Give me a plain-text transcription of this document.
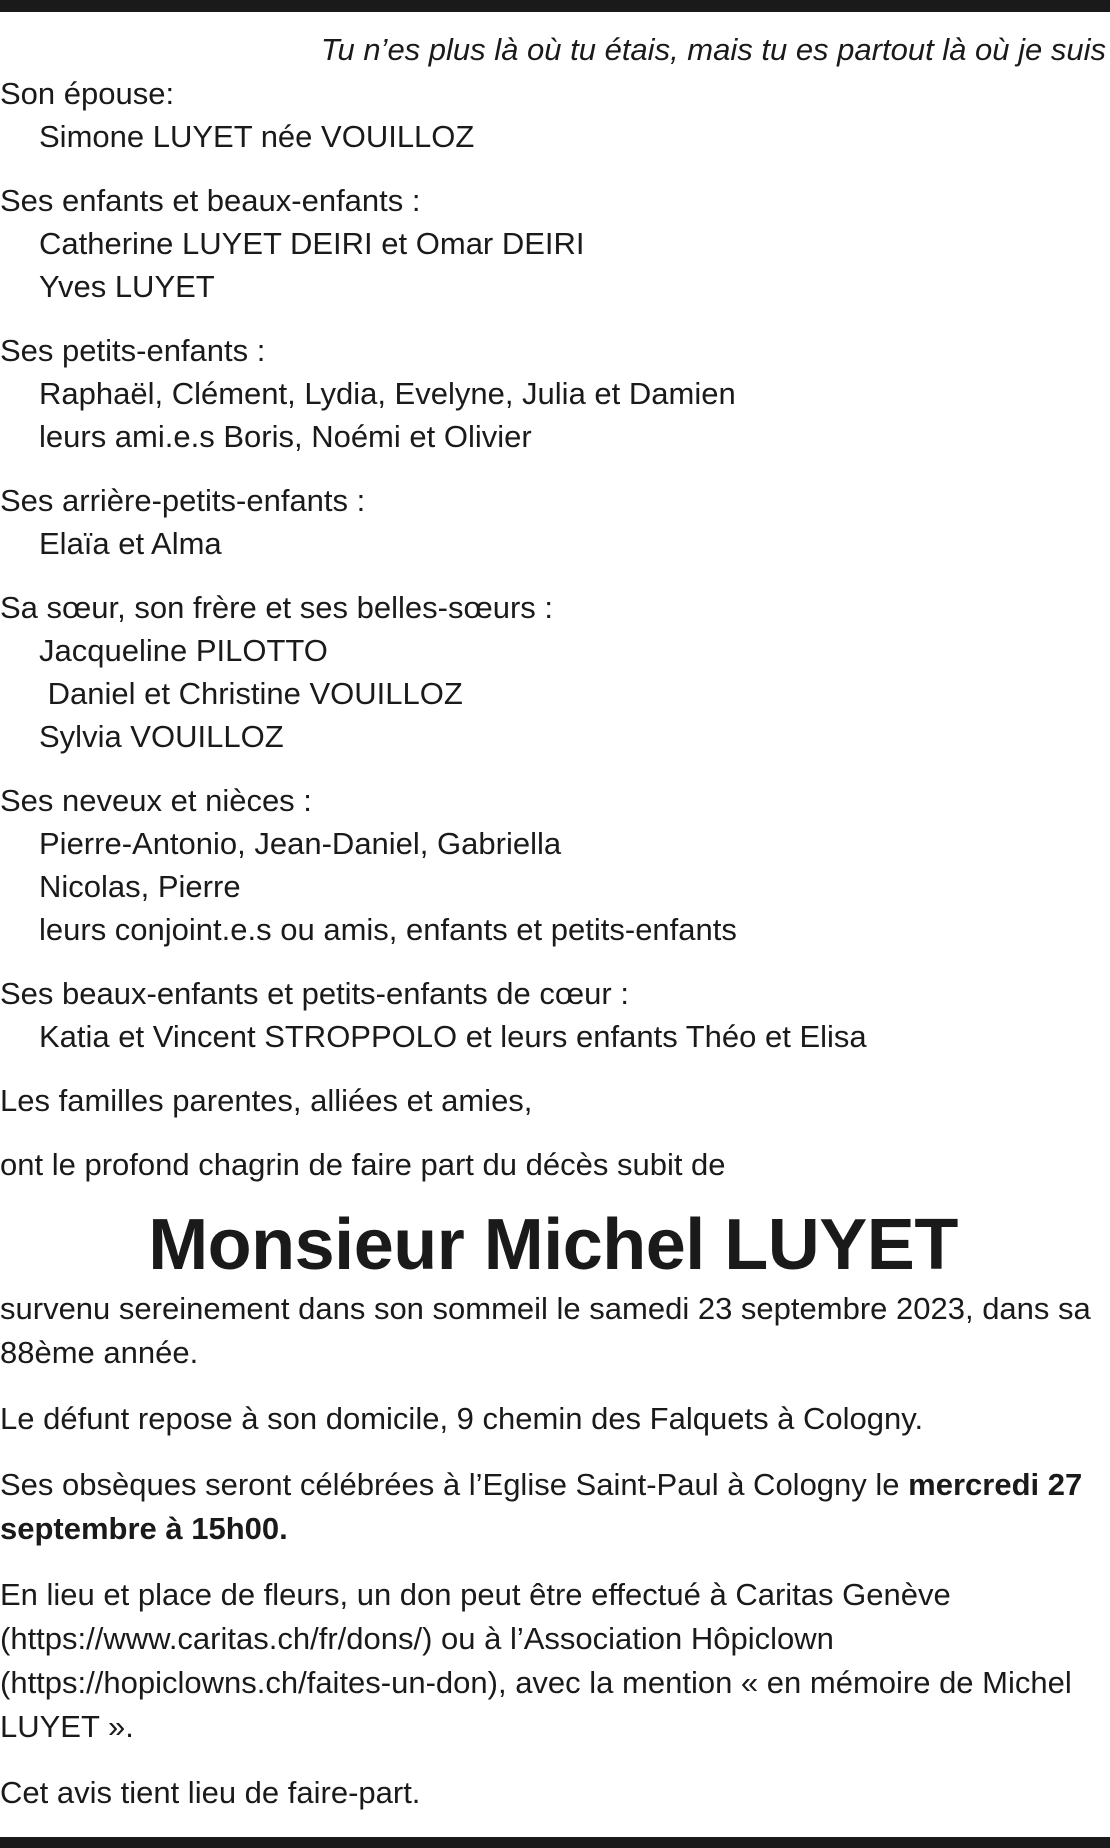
Tu n’es plus là où tu étais, mais tu es partout là où je suis

Son épouse:

Simone LUYET née VOUILLOZ

Ses enfants et beaux-enfants :

Catherine LUYET DEIRI et Omar DEIRI

Yves LUYET

Ses petits-enfants :

Raphaël, Clément, Lydia, Evelyne, Julia et Damien

leurs ami.e.s Boris, Noémi et Olivier

Ses arrière-petits-enfants :

Elaïa et Alma

Sa sœur, son frère et ses belles-sœurs :

Jacqueline PILOTTO

Daniel et Christine VOUILLOZ

Sylvia VOUILLOZ

Ses neveux et nièces :

Pierre-Antonio, Jean-Daniel, Gabriella

Nicolas, Pierre

leurs conjoint.e.s ou amis, enfants et petits-enfants

Ses beaux-enfants et petits-enfants de cœur :

Katia et Vincent STROPPOLO et leurs enfants Théo et Elisa

Les familles parentes, alliées et amies,

ont le profond chagrin de faire part du décès subit de

Monsieur Michel LUYET

survenu sereinement dans son sommeil le samedi 23 septembre 2023, dans sa 88ème année.

Le défunt repose à son domicile, 9 chemin des Falquets à Cologny.

Ses obsèques seront célébrées à l’Eglise Saint-Paul à Cologny le mercredi 27 septembre à 15h00.

En lieu et place de fleurs, un don peut être effectué à Caritas Genève (https://www.caritas.ch/fr/dons/) ou à l’Association Hôpiclown (https://hopiclowns.ch/faites-un-don), avec la mention « en mémoire de Michel LUYET ».

Cet avis tient lieu de faire-part.
